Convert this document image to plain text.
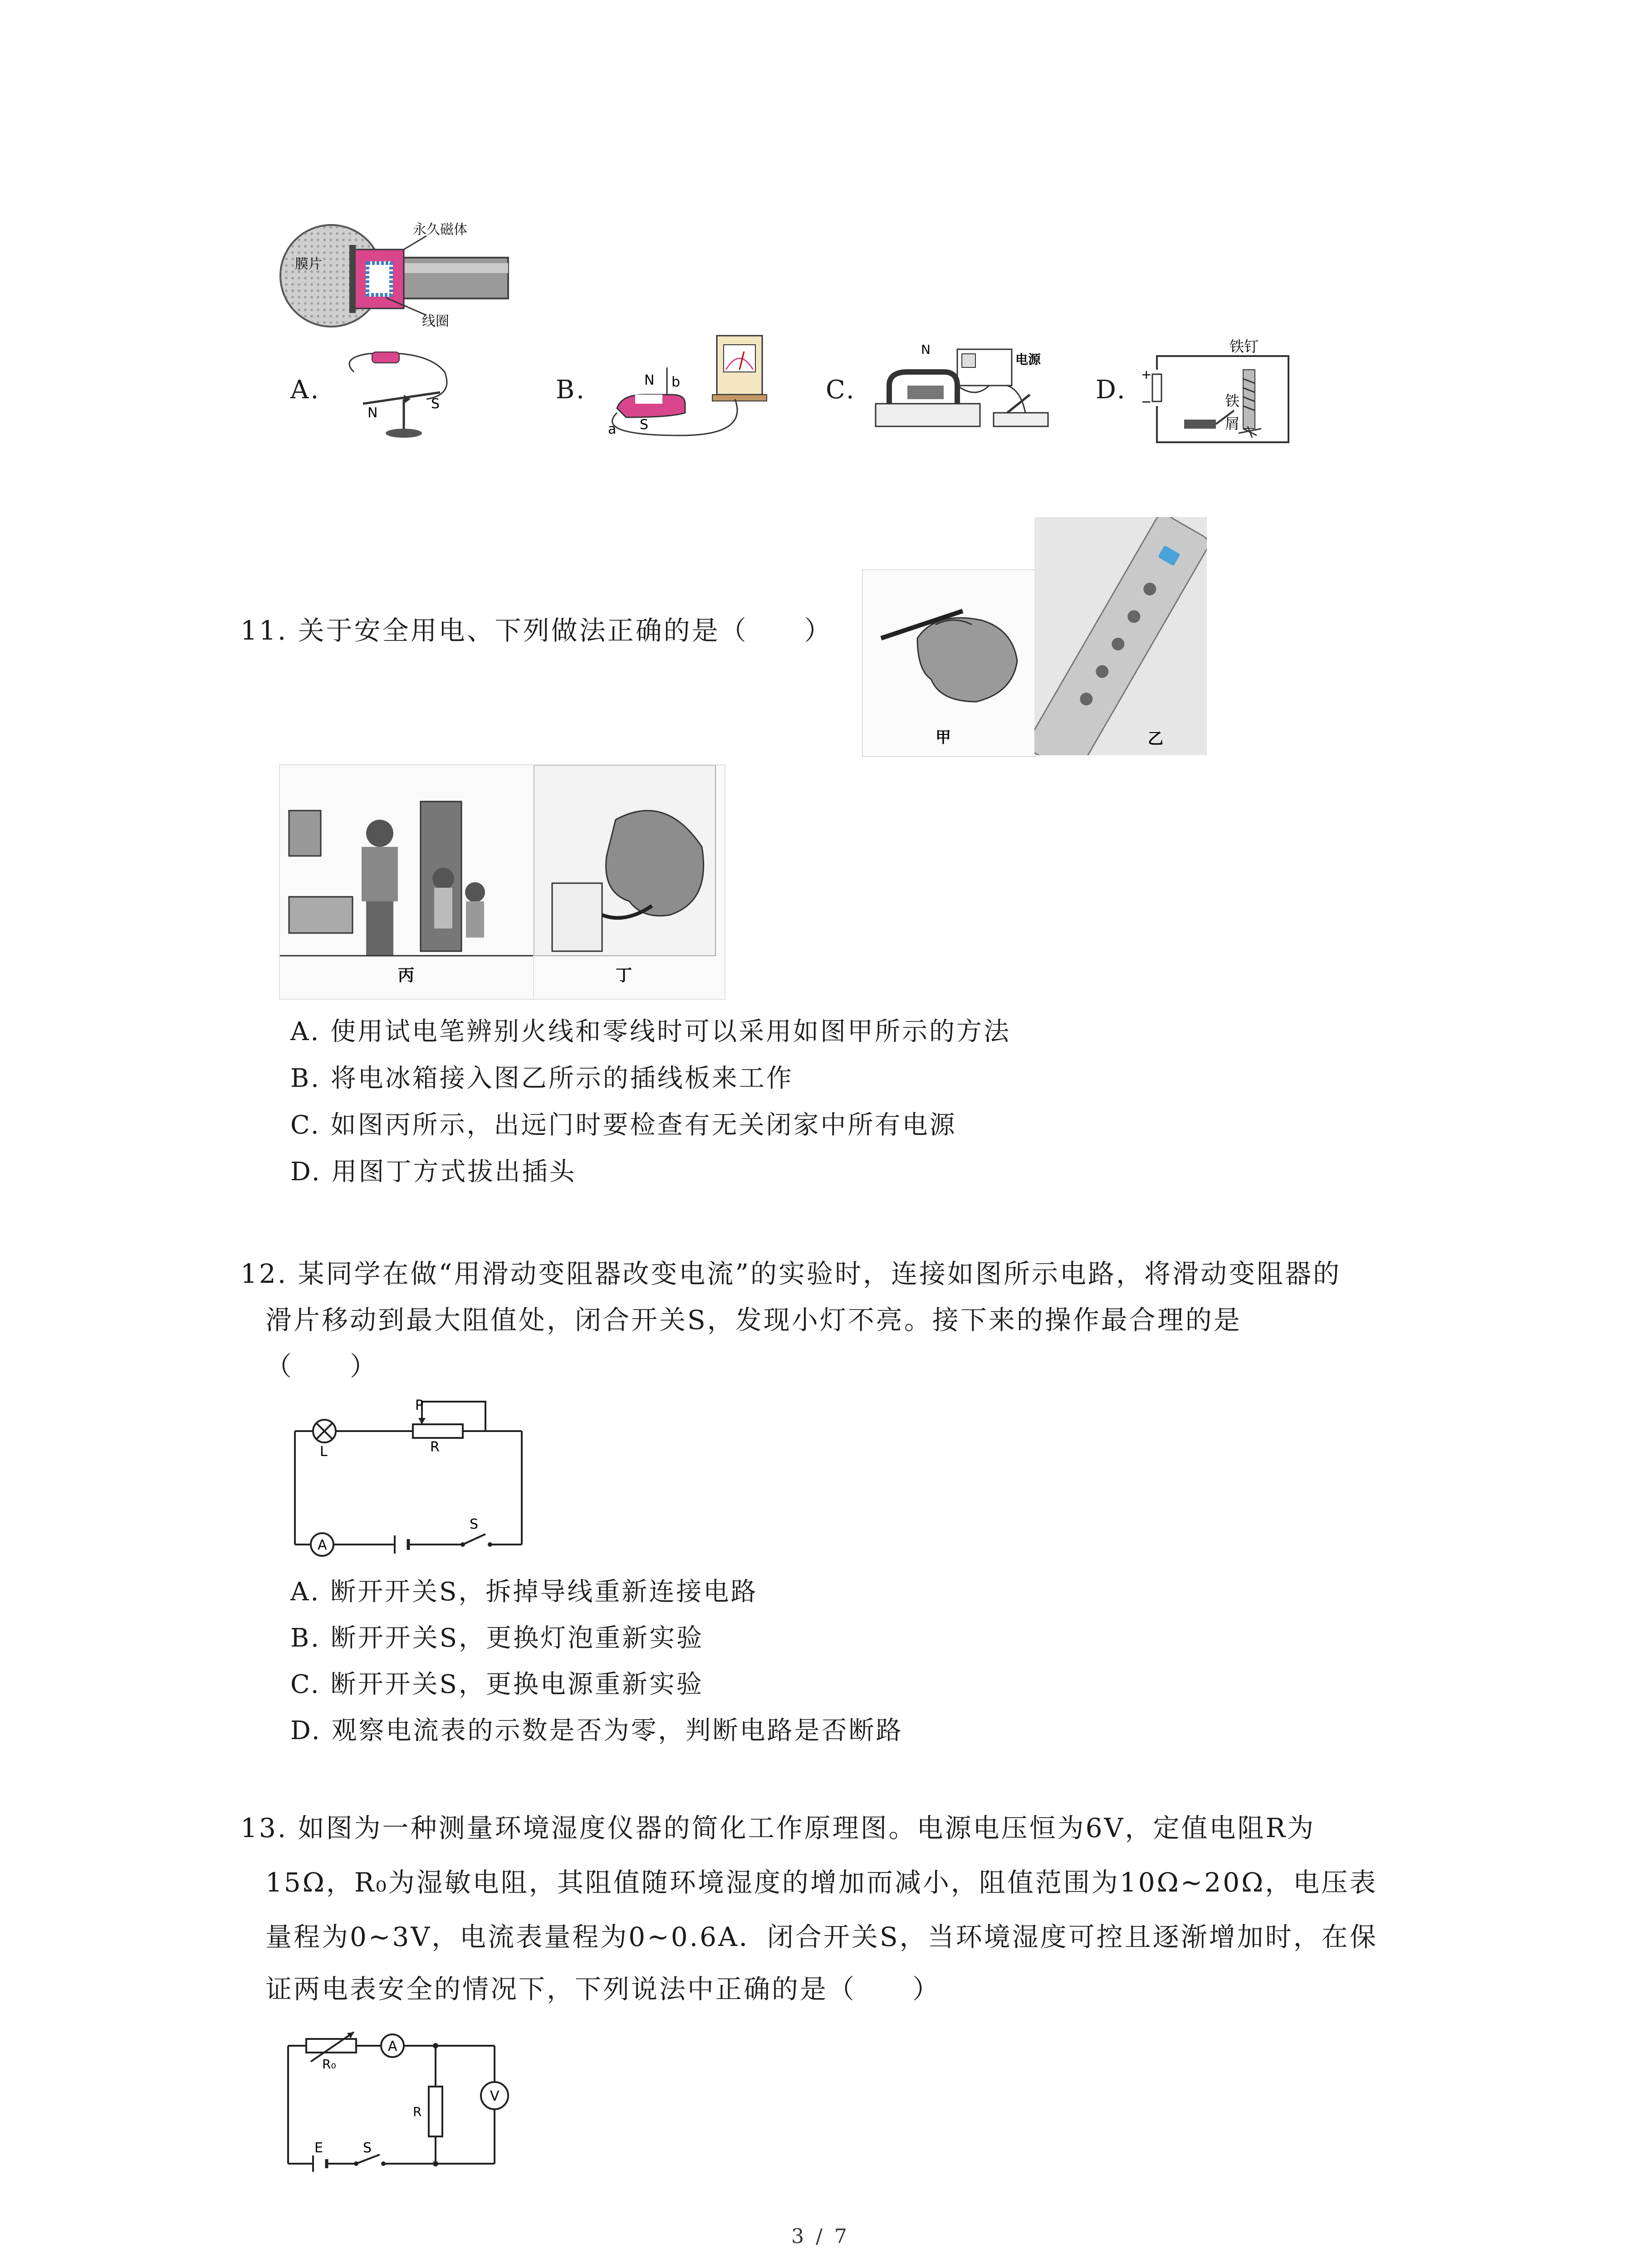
膜片
永久磁体
线圈
A.
N
S	B.	N b
a S
C.
电源
N
D.
+
−
铁钉
铁
屑
11. 关于安全用电、下列做法正确的是（　　）
甲	乙
丙	丁
A. 使用试电笔辨别火线和零线时可以采用如图甲所示的方法
B. 将电冰箱接入图乙所示的插线板来工作
C. 如图丙所示，出远门时要检查有无关闭家中所有电源
D. 用图丁方式拔出插头
12. 某同学在做“用滑动变阻器改变电流”的实验时，连接如图所示电路，将滑动变阻器的
滑片移动到最大阻值处，闭合开关S，发现小灯不亮。接下来的操作最合理的是
（　　）
A
L
P
R
S
A. 断开开关S，拆掉导线重新连接电路
B. 断开开关S，更换灯泡重新实验
C. 断开开关S，更换电源重新实验
D. 观察电流表的示数是否为零，判断电路是否断路
13. 如图为一种测量环境湿度仪器的简化工作原理图。电源电压恒为6V，定值电阻R为
15Ω，R₀为湿敏电阻，其阻值随环境湿度的增加而减小，阻值范围为10Ω~20Ω，电压表
量程为0~3V，电流表量程为0~0.6A．闭合开关S，当环境湿度可控且逐渐增加时，在保
证两电表安全的情况下，下列说法中正确的是（　　）
A
V
R₀
R
E	S
3 / 7
